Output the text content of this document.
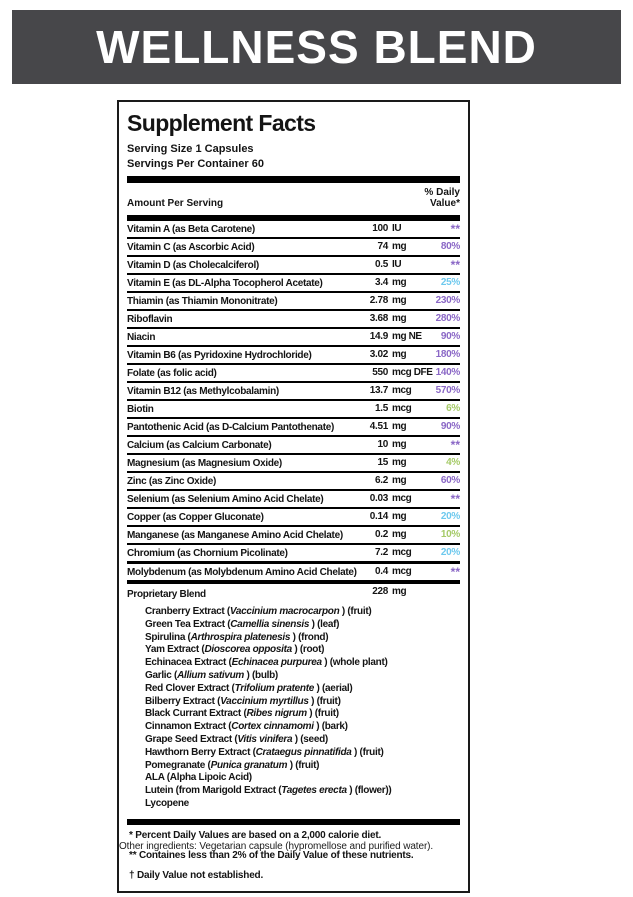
WELLNESS BLEND
Supplement Facts
Serving Size 1 Capsules
Servings Per Container 60
Amount Per Serving
% Daily
Value*
Vitamin A (as Beta Carotene)	100 IU	**
Vitamin C (as Ascorbic Acid)	74 mg	80%
Vitamin D (as Cholecalciferol)	0.5 IU	**
Vitamin E (as DL-Alpha Tocopherol Acetate)	3.4 mg	25%
Thiamin (as Thiamin Mononitrate)	2.78 mg	230%
Riboflavin	3.68 mg	280%
Niacin	14.9 mg NE 90%
Vitamin B6 (as Pyridoxine Hydrochloride)	3.02 mg	180%
Folate (as folic acid)	550 mcg DFE 140%
Vitamin B12 (as Methylcobalamin)	13.7 mcg 570%
Biotin	1.5 mcg	6%
Pantothenic Acid (as D-Calcium Pantothenate)	4.51 mg	90%
Calcium (as Calcium Carbonate)	10 mg	**
Magnesium (as Magnesium Oxide)	15 mg	4%
Zinc (as Zinc Oxide)	6.2 mg	60%
Selenium (as Selenium Amino Acid Chelate)	0.03 mcg	**
Copper (as Copper Gluconate)	0.14 mg	20%
Manganese (as Manganese Amino Acid Chelate)	0.2 mg	10%
Chromium (as Chornium Picolinate)	7.2 mcg	20%
Molybdenum (as Molybdenum Amino Acid Chelate)	0.4 mcg	**
Proprietary Blend	228 mg
Cranberry Extract (Vaccinium macrocarpon ) (fruit)
Green Tea Extract (Camellia sinensis ) (leaf)
Spirulina (Arthrospira platenesis ) (frond)
Yam Extract (Dioscorea opposita ) (root)
Echinacea Extract (Echinacea purpurea ) (whole plant)
Garlic (Allium sativum ) (bulb)
Red Clover Extract (Trifolium pratente ) (aerial)
Bilberry Extract (Vaccinium myrtillus ) (fruit)
Black Currant Extract (Ribes nigrum ) (fruit)
Cinnamon Extract (Cortex cinnamomi ) (bark)
Grape Seed Extract (Vitis vinifera ) (seed)
Hawthorn Berry Extract (Crataegus pinnatifida ) (fruit)
Pomegranate (Punica granatum ) (fruit)
ALA (Alpha Lipoic Acid)
Lutein (from Marigold Extract (Tagetes erecta ) (flower))
Lycopene
* Percent Daily Values are based on a 2,000 calorie diet.
** Containes less than 2% of the Daily Value of these nutrients.
† Daily Value not established.
Other ingredients: Vegetarian capsule (hypromellose and purified water).
